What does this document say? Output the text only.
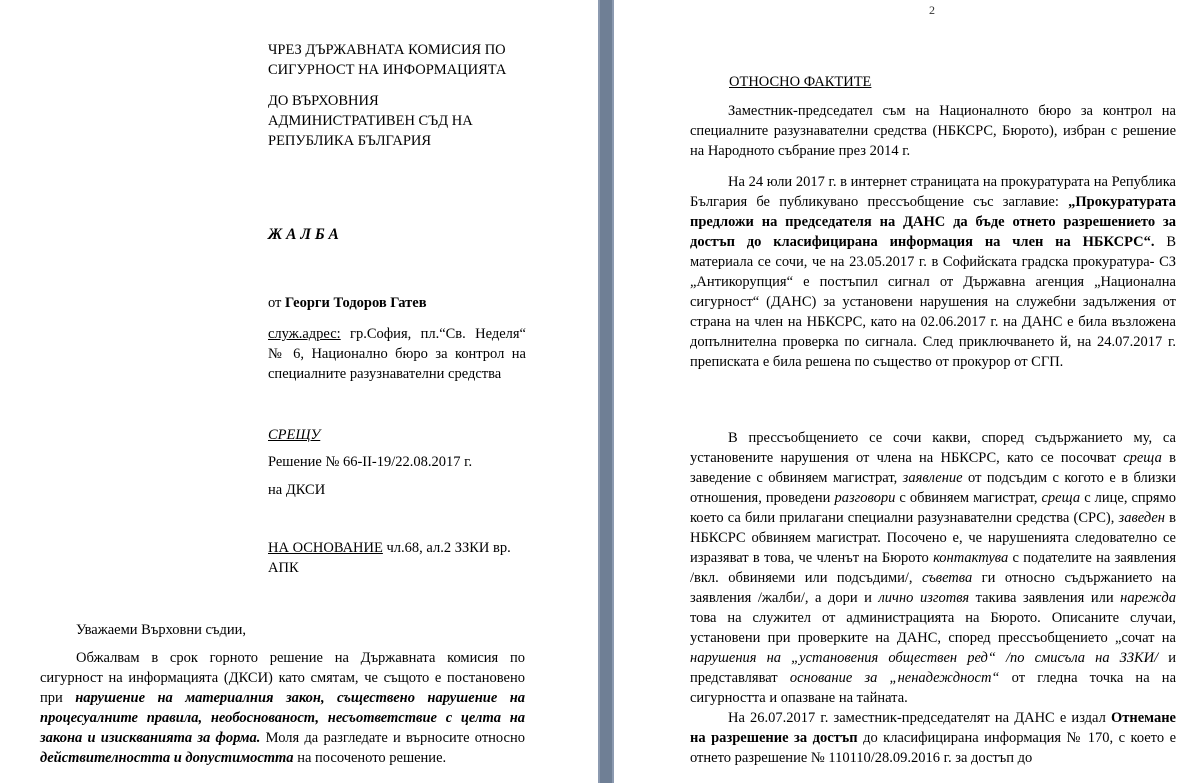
ЧРЕЗ ДЪРЖАВНАТА КОМИСИЯ ПО
СИГУРНОСТ НА ИНФОРМАЦИЯТА

ДО ВЪРХОВНИЯ
АДМИНИСТРАТИВЕН СЪД НА
РЕПУБЛИКА БЪЛГАРИЯ

Ж А Л Б А

от Георги Тодоров Гатев

служ.адрес: гр.София, пл.“Св. Неделя“ № 6, Национално бюро за контрол на специалните разузнавателни средства

СРЕЩУ

Решение № 66-II-19/22.08.2017 г.

на ДКСИ

НА ОСНОВАНИЕ чл.68, ал.2 ЗЗКИ вр. АПК

Уважаеми Върховни съдии,

Обжалвам в срок горното решение на Държавната комисия по сигурност на информацията (ДКСИ) като смятам, че същото е постановено при нарушение на материалния закон, съществено нарушение на процесуалните правила, необоснованост, несъответствие с целта на закона и изискванията за форма. Моля да разгледате и върносите относно действителността и допустимостта на посоченото решение.

2

ОТНОСНО ФАКТИТЕ

Заместник-председател съм на Националното бюро за контрол на специалните разузнавателни средства (НБКСРС, Бюрото), избран с решение на Народното събрание през 2014 г.

На 24 юли 2017 г. в интернет страницата на прокуратурата на Република България бе публикувано прессъобщение със заглавие: „Прокуратурата предложи на председателя на ДАНС да бъде отнето разрешението за достъп до класифицирана информация на член на НБКСРС“. В материала се сочи, че на 23.05.2017 г. в Софийската градска прокуратура- СЗ „Антикорупция“ е постъпил сигнал от Държавна агенция „Национална сигурност“ (ДАНС) за установени нарушения на служебни задължения от страна на член на НБКСРС, като на 02.06.2017 г. на ДАНС е била възложена допълнителна проверка по сигнала. След приключването й, на 24.07.2017 г. преписката е била решена по същество от прокурор от СГП.

В прессъобщението се сочи какви, според съдържанието му, са установените нарушения от члена на НБКСРС, като се посочват среща в заведение с обвиняем магистрат, заявление от подсъдим с когото е в близки отношения, проведени разговори с обвиняем магистрат, среща с лице, спрямо което са били прилагани специални разузнавателни средства (СРС), заведен в НБКСРС обвиняем магистрат. Посочено е, че нарушенията следователно се изразяват в това, че членът на Бюрото контактува с подателите на заявления /вкл. обвиняеми или подсъдими/, съветва ги относно съдържанието на заявления /жалби/, а дори и лично изготвя такива заявления или нарежда това на служител от администрацията на Бюрото. Описаните случаи, установени при проверките на ДАНС, според прессъобщението „сочат на нарушения на „установения обществен ред“ /по смисъла на ЗЗКИ/ и представляват основание за „ненадеждност“ от гледна точка на на сигурността и опазване на тайната.

На 26.07.2017 г. заместник-председателят на ДАНС е издал Отнемане на разрешение за достъп до класифицирана информация № 170, с което е отнето разрешение № 110110/28.09.2016 г. за достъп до
